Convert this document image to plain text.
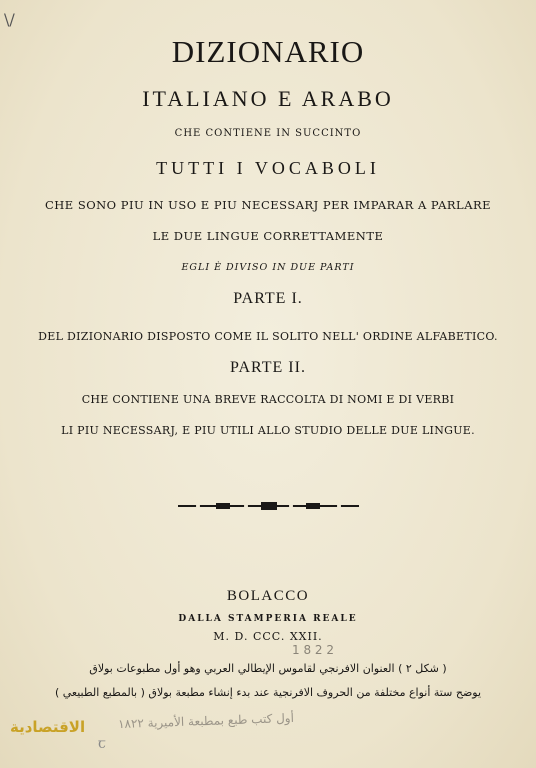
\/
DIZIONARIO
ITALIANO E ARABO
CHE CONTIENE IN SUCCINTO
TUTTI I VOCABOLI
CHE SONO PIU IN USO E PIU NECESSARJ PER IMPARAR A PARLARE
LE DUE LINGUE CORRETTAMENTE
EGLI È DIVISO IN DUE PARTI
PARTE I.
DEL DIZIONARIO DISPOSTO COME IL SOLITO NELL' ORDINE ALFABETICO.
PARTE II.
CHE CONTIENE UNA BREVE RACCOLTA DI NOMI E DI VERBI
LI PIU NECESSARJ, E PIU UTILI ALLO STUDIO DELLE DUE LINGUE.
BOLACCO
DALLA STAMPERIA REALE
M. D. CCC. XXII.
1 8 2 2
( شكل ٢ ) العنوان الافرنجي لقاموس الإيطالي العربي وهو أول مطبوعات بولاق
يوضح ستة أنواع مختلفة من الحروف الافرنجية عند بدء إنشاء مطبعة بولاق ( بالمطبع الطبيعي )
أول كتب طبع بمطبعة الأميرية ١٨٢٢
الاقتصادية
ꞇ
